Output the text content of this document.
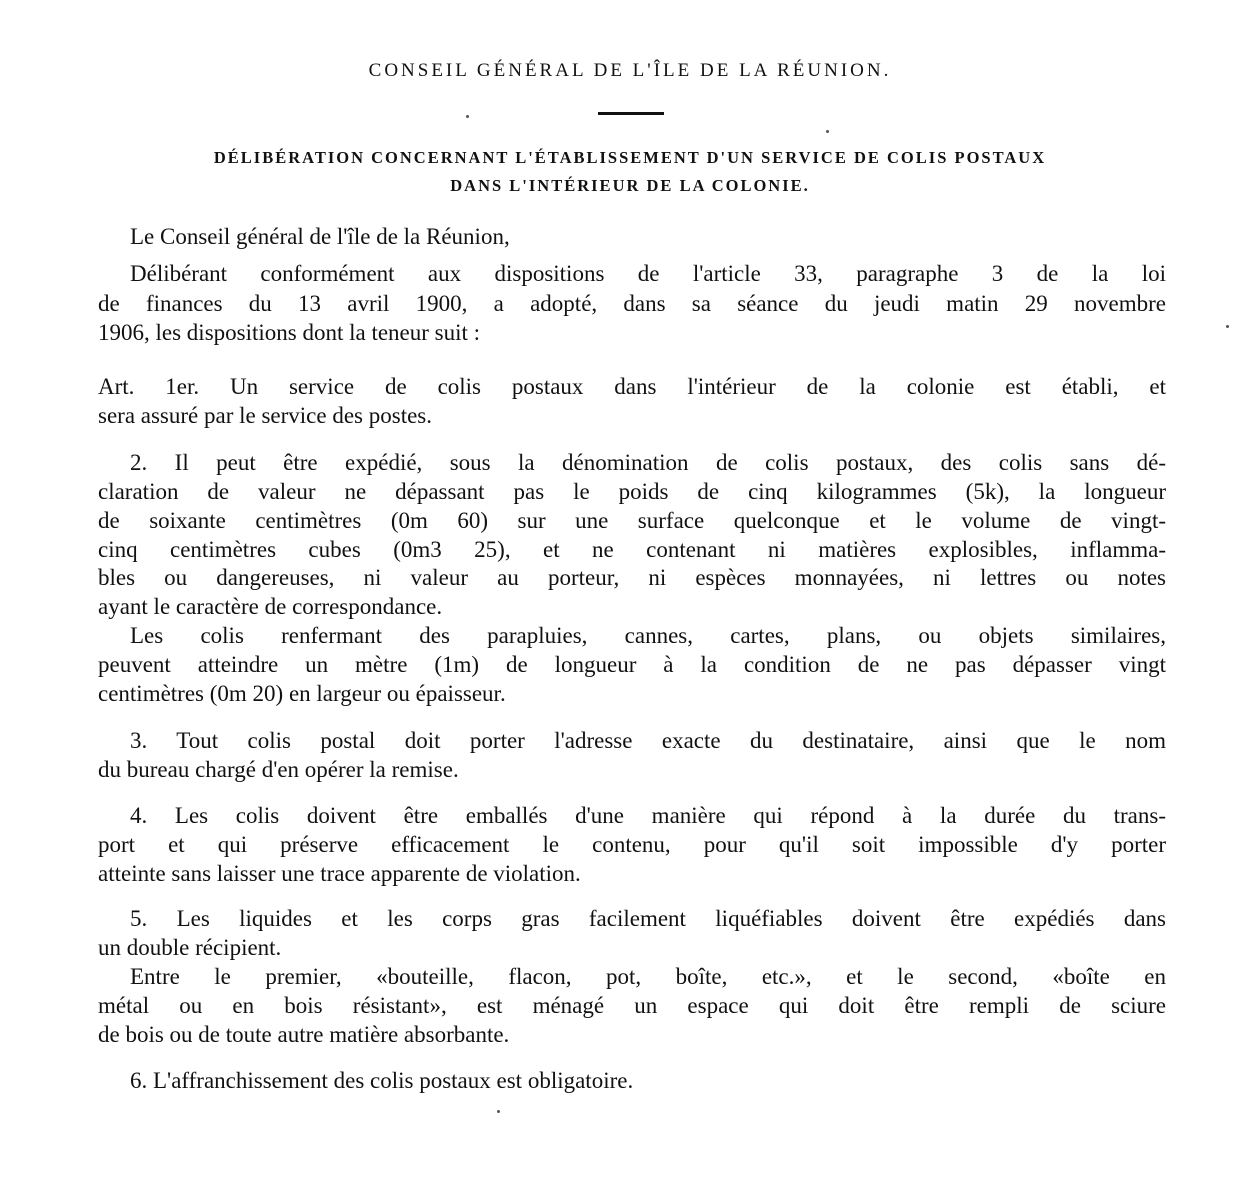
CONSEIL GÉNÉRAL DE L'ÎLE DE LA RÉUNION.
DÉLIBÉRATION CONCERNANT L'ÉTABLISSEMENT D'UN SERVICE DE COLIS POSTAUX
DANS L'INTÉRIEUR DE LA COLONIE.
Le Conseil général de l'île de la Réunion,
Délibérant conformément aux dispositions de l'article 33, paragraphe 3 de la loi
de finances du 13 avril 1900, a adopté, dans sa séance du jeudi matin 29 novembre
1906, les dispositions dont la teneur suit :
Art. 1er. Un service de colis postaux dans l'intérieur de la colonie est établi, et
sera assuré par le service des postes.
2. Il peut être expédié, sous la dénomination de colis postaux, des colis sans dé-
claration de valeur ne dépassant pas le poids de cinq kilogrammes (5k), la longueur
de soixante centimètres (0m 60) sur une surface quelconque et le volume de vingt-
cinq centimètres cubes (0m3 25), et ne contenant ni matières explosibles, inflamma-
bles ou dangereuses, ni valeur au porteur, ni espèces monnayées, ni lettres ou notes
ayant le caractère de correspondance.
Les colis renfermant des parapluies, cannes, cartes, plans, ou objets similaires,
peuvent atteindre un mètre (1m) de longueur à la condition de ne pas dépasser vingt
centimètres (0m 20) en largeur ou épaisseur.
3. Tout colis postal doit porter l'adresse exacte du destinataire, ainsi que le nom
du bureau chargé d'en opérer la remise.
4. Les colis doivent être emballés d'une manière qui répond à la durée du trans-
port et qui préserve efficacement le contenu, pour qu'il soit impossible d'y porter
atteinte sans laisser une trace apparente de violation.
5. Les liquides et les corps gras facilement liquéfiables doivent être expédiés dans
un double récipient.
Entre le premier, «bouteille, flacon, pot, boîte, etc.», et le second, «boîte en
métal ou en bois résistant», est ménagé un espace qui doit être rempli de sciure
de bois ou de toute autre matière absorbante.
6. L'affranchissement des colis postaux est obligatoire.
